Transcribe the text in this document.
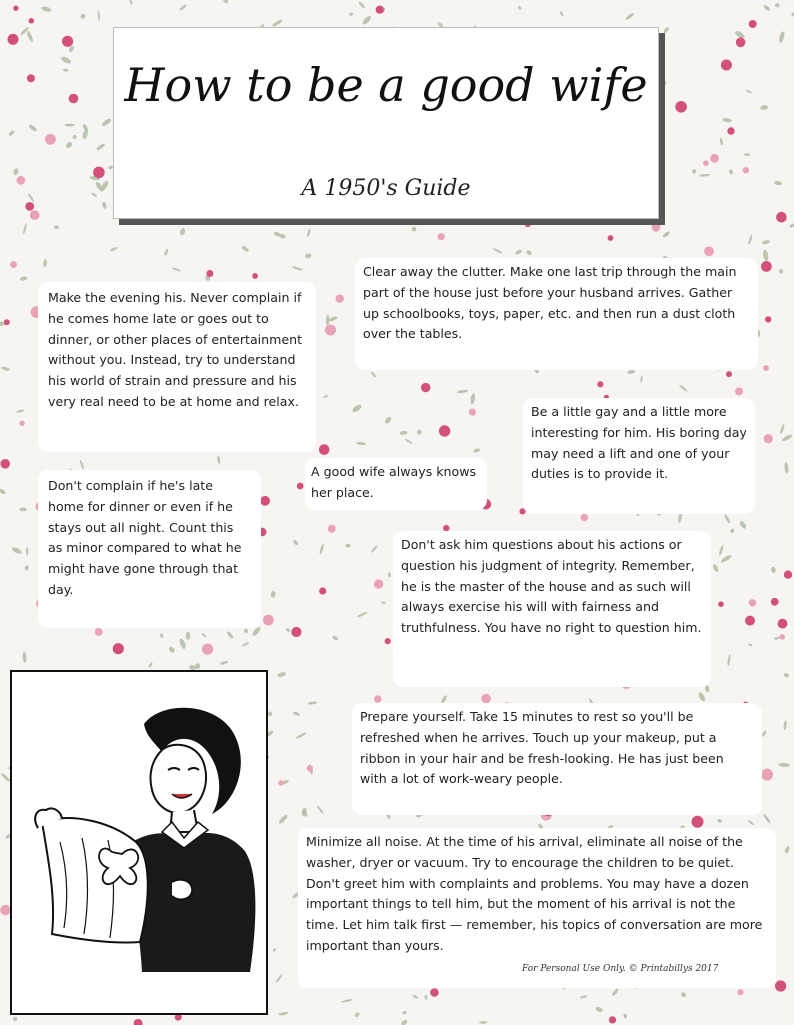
How to be a good wife
A 1950's Guide
Clear away the clutter. Make one last trip through the main part of the house just before your husband arrives. Gather up schoolbooks, toys, paper, etc. and then run a dust cloth over the tables.
Make the evening his. Never complain if he comes home late or goes out to dinner, or other places of entertainment without you. Instead, try to understand his world of strain and pressure and his very real need to be at home and relax.
Be a little gay and a little more interesting for him. His boring day may need a lift and one of your duties is to provide it.
A good wife always knows her place.
Don't complain if he's late home for dinner or even if he stays out all night. Count this as minor compared to what he might have gone through that day.
Don't ask him questions about his actions or question his judgment of integrity. Remember, he is the master of the house and as such will always exercise his will with fairness and truthfulness. You have no right to question him.
Prepare yourself. Take 15 minutes to rest so you'll be refreshed when he arrives. Touch up your makeup, put a ribbon in your hair and be fresh-looking. He has just been with a lot of work-weary people.
Minimize all noise. At the time of his arrival, eliminate all noise of the washer, dryer or vacuum. Try to encourage the children to be quiet. Don't greet him with complaints and problems. You may have a dozen important things to tell him, but the moment of his arrival is not the time. Let him talk first — remember, his topics of conversation are more important than yours.
For Personal Use Only. © Printabillys 2017
